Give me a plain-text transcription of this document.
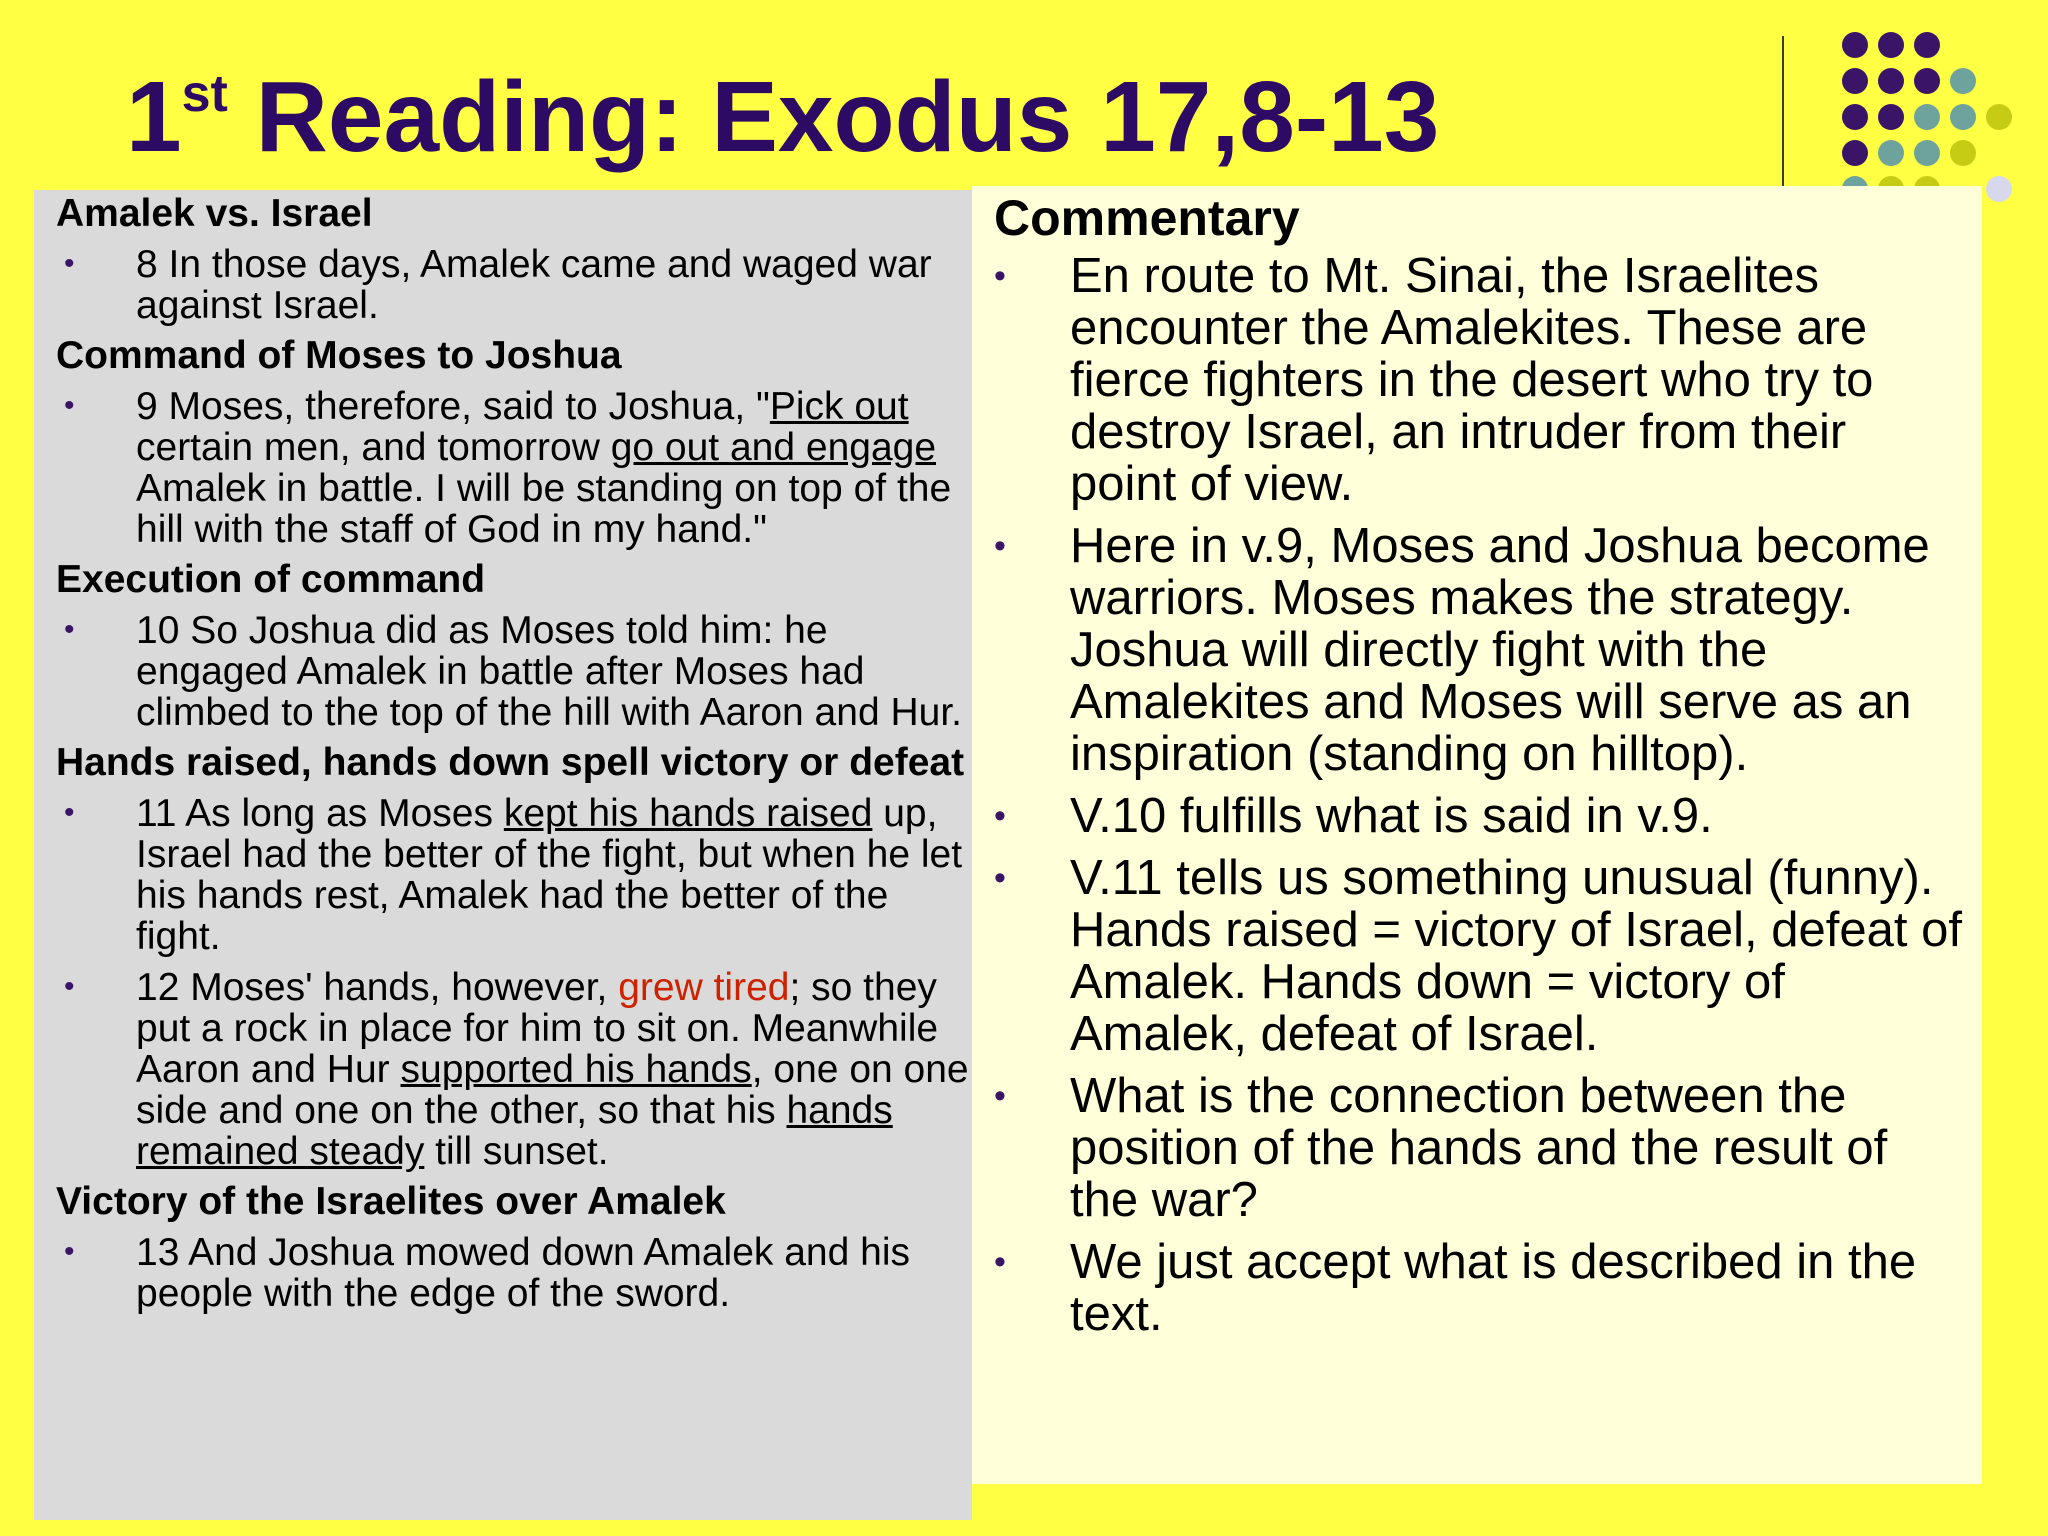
1st Reading: Exodus 17,8-13
Amalek vs. Israel
•	8 In those days, Amalek came and waged war against Israel.
Command of Moses to Joshua
•	9 Moses, therefore, said to Joshua, "Pick out certain men, and tomorrow go out and engage Amalek in battle. I will be standing on top of the hill with the staff of God in my hand."
Execution of command
•	10 So Joshua did as Moses told him: he engaged Amalek in battle after Moses had climbed to the top of the hill with Aaron and Hur.
Hands raised, hands down spell victory or defeat
•	11 As long as Moses kept his hands raised up, Israel had the better of the fight, but when he let his hands rest, Amalek had the better of the fight.
•	12 Moses' hands, however, grew tired; so they put a rock in place for him to sit on. Meanwhile Aaron and Hur supported his hands, one on one side and one on the other, so that his hands remained steady till sunset.
Victory of the Israelites over Amalek
•	13 And Joshua mowed down Amalek and his people with the edge of the sword.
Commentary
•	En route to Mt. Sinai, the Israelites encounter the Amalekites. These are fierce fighters in the desert who try to destroy Israel, an intruder from their point of view.
•	Here in v.9, Moses and Joshua become warriors. Moses makes the strategy. Joshua will directly fight with the Amalekites and Moses will serve as an inspiration (standing on hilltop).
•	V.10 fulfills what is said in v.9.
•	V.11 tells us something unusual (funny). Hands raised = victory of Israel, defeat of Amalek. Hands down = victory of Amalek, defeat of Israel.
•	What is the connection between the position of the hands and the result of the war?
•	We just accept what is described in the text.
